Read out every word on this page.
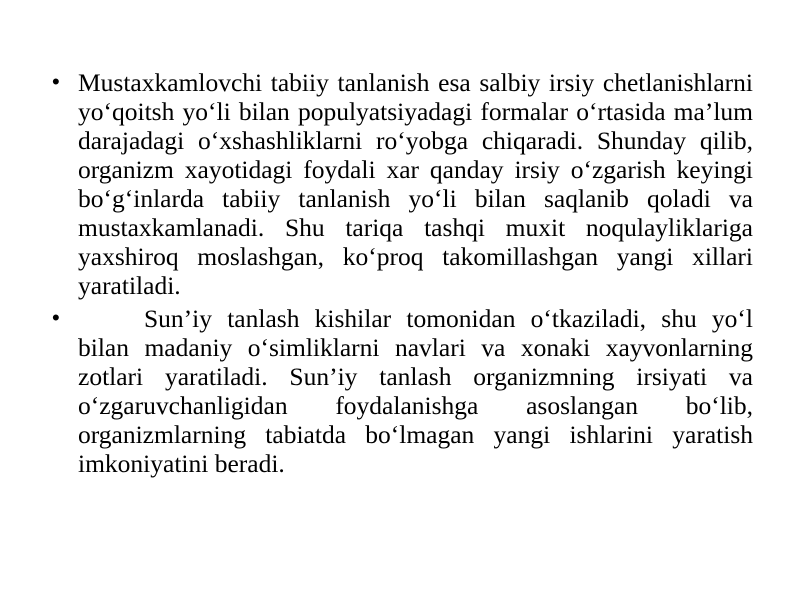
• Mustaxkamlovchi tabiiy tanlanish esa salbiy irsiy chetlanishlarni yo‘qoitsh yo‘li bilan populyatsiyadagi formalar o‘rtasida ma’lum darajadagi o‘xshashliklarni ro‘yobga chiqaradi. Shunday qilib, organizm xayotidagi foydali xar qanday irsiy o‘zgarish keyingi bo‘g‘inlarda tabiiy tanlanish yo‘li bilan saqlanib qoladi va mustaxkamlanadi. Shu tariqa tashqi muxit noqulayliklariga yaxshiroq moslashgan, ko‘proq takomillashgan yangi xillari yaratiladi.
•	Sun’iy tanlash kishilar tomonidan o‘tkaziladi, shu yo‘l bilan madaniy o‘simliklarni navlari va xonaki xayvonlarning zotlari yaratiladi. Sun’iy tanlash organizmning irsiyati va o‘zgaruvchanligidan foydalanishga asoslangan bo‘lib, organizmlarning tabiatda bo‘lmagan yangi ishlarini yaratish imkoniyatini beradi.
